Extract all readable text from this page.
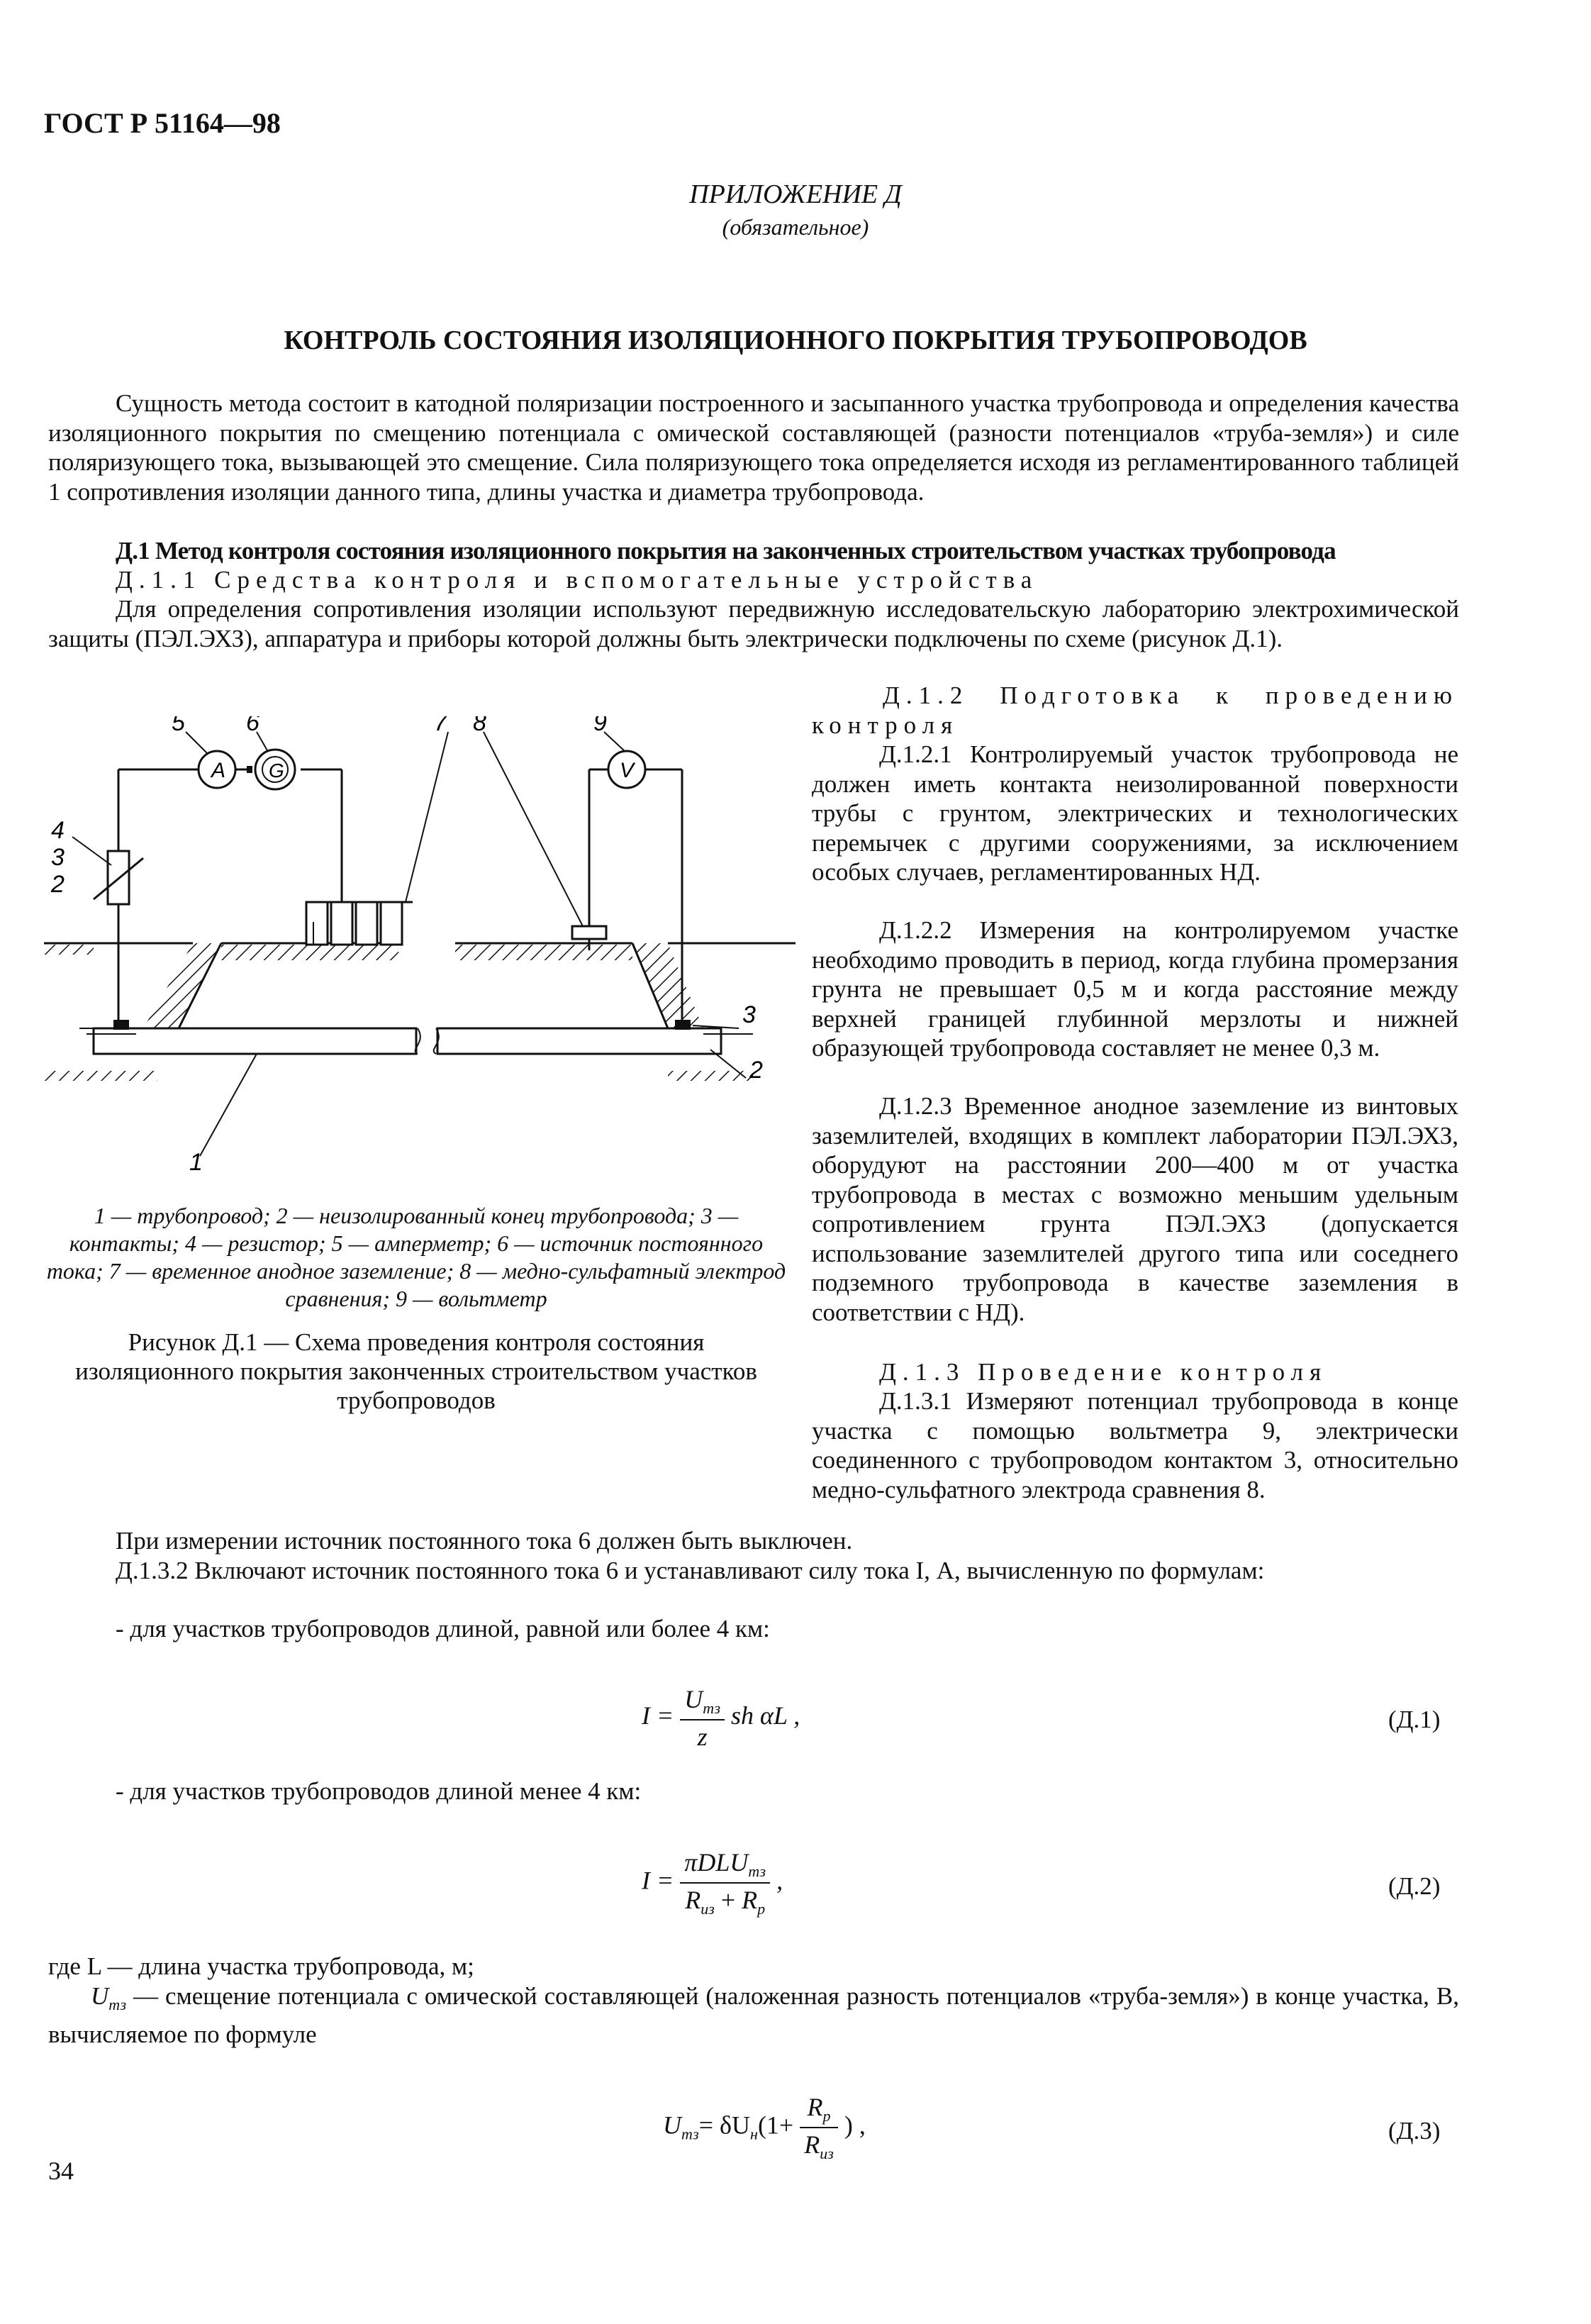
ГОСТ Р 51164—98
ПРИЛОЖЕНИЕ Д
(обязательное)
КОНТРОЛЬ СОСТОЯНИЯ ИЗОЛЯЦИОННОГО ПОКРЫТИЯ ТРУБОПРОВОДОВ
Сущность метода состоит в катодной поляризации построенного и засыпанного участка трубопровода и определения качества изоляционного покрытия по смещению потенциала с омической составляющей (разности потенциалов «труба-земля») и силе поляризующего тока, вызывающей это смещение. Сила поляризующего тока определяется исходя из регламентированного таблицей 1 сопротивления изоляции данного типа, длины участка и диаметра трубопровода.
Д.1 Метод контроля состояния изоляционного покрытия на законченных строительством участках трубопровода
Д.1.1 Средства контроля и вспомогательные устройства
Для определения сопротивления изоляции используют передвижную исследовательскую лабораторию электрохимической защиты (ПЭЛ.ЭХЗ), аппаратура и приборы которой должны быть электрически подключены по схеме (рисунок Д.1).
A G	V
5	6	7 8	9
4
3
2
3
2
1
1 — трубопровод; 2 — неизолированный конец трубопровода; 3 — контакты; 4 — резистор; 5 — амперметр; 6 — источник постоянного тока; 7 — временное анодное заземление; 8 — медно-сульфатный электрод сравнения; 9 — вольтметр
Рисунок Д.1 — Схема проведения контроля состояния изоляционного покрытия законченных строительством участков трубопроводов
Д.1.2 Подготовка к проведению контроля
Д.1.2.1 Контролируемый участок трубопровода не должен иметь контакта неизолированной поверхности трубы с грунтом, электрических и технологических перемычек с другими сооружениями, за исключением особых случаев, регламентированных НД.
Д.1.2.2 Измерения на контролируемом участке необходимо проводить в период, когда глубина промерзания грунта не превышает 0,5 м и когда расстояние между верхней границей глубинной мерзлоты и нижней образующей трубопровода составляет не менее 0,3 м.
Д.1.2.3 Временное анодное заземление из винтовых заземлителей, входящих в комплект лаборатории ПЭЛ.ЭХЗ, оборудуют на расстоянии 200—400 м от участка трубопровода в местах с возможно меньшим удельным сопротивлением грунта ПЭЛ.ЭХЗ (допускается использование заземлителей другого типа или соседнего подземного трубопровода в качестве заземления в соответствии с НД).
Д.1.3 Проведение контроля
Д.1.3.1 Измеряют потенциал трубопровода в конце участка с помощью вольтметра 9, электрически соединенного с трубопроводом контактом 3, относительно медно-сульфатного электрода сравнения 8.
При измерении источник постоянного тока 6 должен быть выключен.
Д.1.3.2 Включают источник постоянного тока 6 и устанавливают силу тока I, А, вычисленную по формулам:
- для участков трубопроводов длиной, равной или более 4 км:
$I = \frac{U_{тз}}{z}$ sh αL ,	(Д.1)
- для участков трубопроводов длиной менее 4 км:
$I = \frac{\pi DLU_{тз}}{R_{из} + R_р}$ ,	(Д.2)
где L — длина участка трубопровода, м;
$U_{тз}$ — смещение потенциала с омической составляющей (наложенная разность потенциалов «труба-земля») в конце участка, В, вычисляемое по формуле
$U_{тз}= \delta U_н(1+ \frac{R_р}{R_{из}}$ ) ,	(Д.3)
34
